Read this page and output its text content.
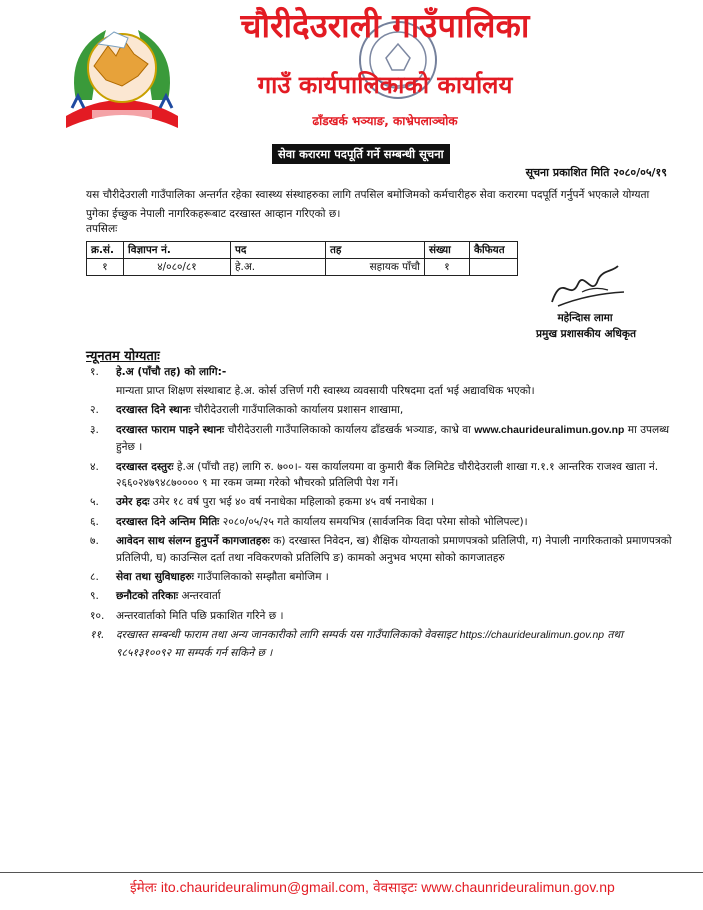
चौरीदेउराली गाउँपालिका
गाउँ कार्यपालिकाको कार्यालय
ढाँडखर्क भञ्याङ, काभ्रेपलाञ्चोक
सेवा करारमा पदपूर्ति गर्ने सम्बन्धी सूचना
सूचना प्रकाशित मिति २०८०/०५/१९
यस चौरीदेउराली गाउँपालिका अन्तर्गत रहेका स्वास्थ्य संस्थाहरुका लागि तपसिल बमोजिमको कर्मचारीहरु सेवा करारमा पदपूर्ति गर्नुपर्ने भएकाले योग्यता पुगेका ईच्छुक नेपाली नागरिकहरूबाट दरखास्त आव्हान गरिएको छ।
तपसिलः
क्र.सं.	विज्ञापन नं.	पद	तह	संख्या	कैफियत
१	४/०८०/८१	हे.अ.	सहायक पाँचौ	१	
महेन्दिास लामा
प्रमुख प्रशासकीय अधिकृत
न्यूनतम योग्यताः
१. हे.अ (पाँचौ तह) को लागि:-
मान्यता प्राप्त शिक्षण संस्थाबाट हे.अ. कोर्स उत्तिर्ण गरी स्वास्थ्य व्यवसायी परिषदमा दर्ता भई अद्यावधिक भएको।
२. दरखास्त दिने स्थानः चौरीदेउराली गाउँपालिकाको कार्यालय प्रशासन शाखामा,
३. दरखास्त फाराम पाइने स्थानः चौरीदेउराली गाउँपालिकाको कार्यालय ढाँडखर्क भञ्याङ, काभ्रे वा www.chaurideuralimun.gov.np मा उपलब्ध हुनेछ ।
४. दरखास्त दस्तुरः हे.अ (पाँचौ तह) लागि रु. ७००।- यस कार्यालयमा वा कुमारी बैंक लिमिटेड चौरीदेउराली शाखा ग.१.१ आन्तरिक राजश्व खाता नं. २६६०२४७९४८७०००० ९ मा रकम जम्मा गरेको भौचरको प्रतिलिपी पेश गर्ने।
५. उमेर हदः उमेर १८ वर्ष पुरा भई ४० वर्ष ननाधेका महिलाको हकमा ४५ वर्ष ननाधेका ।
६. दरखास्त दिने अन्तिम मितिः २०८०/०५/२५ गते कार्यालय समयभित्र (सार्वजनिक विदा परेमा सोको भोलिपल्ट)।
७. आवेदन साथ संलग्न हुनुपर्ने कागजातहरुः क) दरखास्त निवेदन, ख) शैक्षिक योग्यताको प्रमाणपत्रको प्रतिलिपी, ग) नेपाली नागरिकताको प्रमाणपत्रको प्रतिलिपी, घ) काउन्सिल दर्ता तथा नविकरणको प्रतिलिपि ङ) कामको अनुभव भएमा सोको कागजातहरु
८. सेवा तथा सुविधाहरुः गाउँपालिकाको सम्झौता बमोजिम ।
९. छनौटको तरिकाः अन्तरवार्ता
१०. अन्तरवार्ताको मिति पछि प्रकाशित गरिने छ ।
११. दरखास्त सम्बन्धी फाराम तथा अन्य जानकारीको लागि सम्पर्क यस गाउँपालिकाको वेवसाइट https://chaurideuralimun.gov.np तथा ९८५१३१००९२ मा सम्पर्क गर्न सकिने छ ।
ईमेलः ito.chaurideuralimun@gmail.com, वेवसाइटः www.chaunrideuralimun.gov.np
